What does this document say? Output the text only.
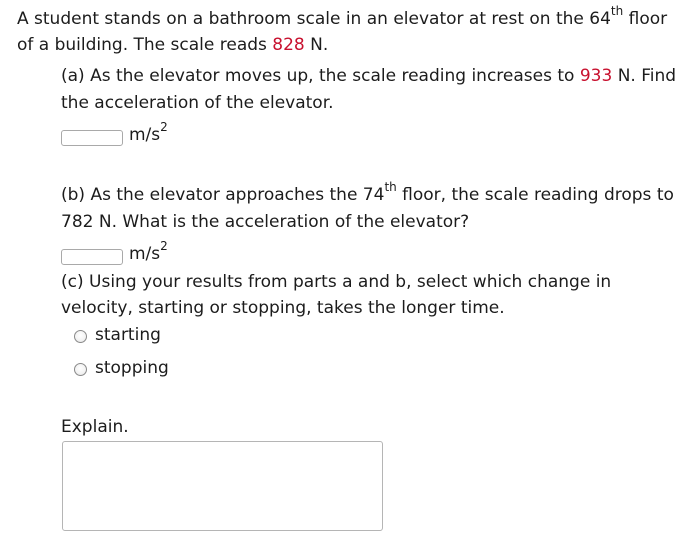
A student stands on a bathroom scale in an elevator at rest on the 64th floor
of a building. The scale reads 828 N.
(a) As the elevator moves up, the scale reading increases to 933 N. Find
the acceleration of the elevator.
$m/s^2$
(b) As the elevator approaches the 74th floor, the scale reading drops to
782 N. What is the acceleration of the elevator?
$m/s^2$
(c) Using your results from parts a and b, select which change in
velocity, starting or stopping, takes the longer time.
starting
stopping
Explain.
